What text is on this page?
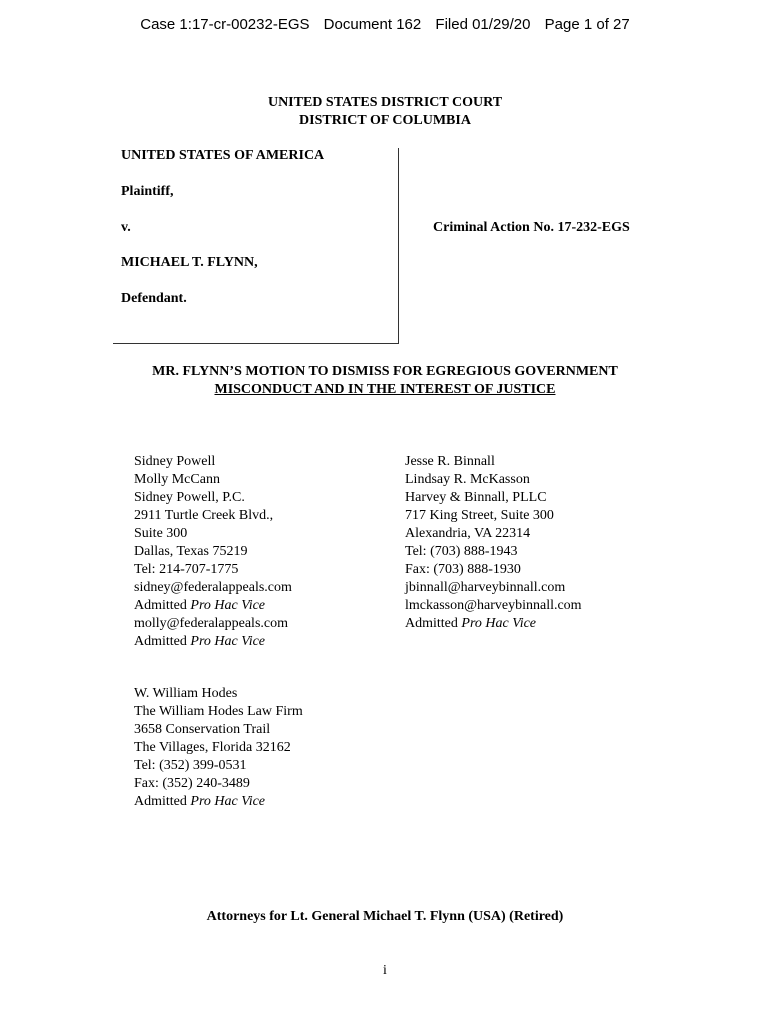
Case 1:17-cr-00232-EGS Document 162 Filed 01/29/20 Page 1 of 27
UNITED STATES DISTRICT COURT
DISTRICT OF COLUMBIA
UNITED STATES OF AMERICA
Plaintiff,
v.
MICHAEL T. FLYNN,
Defendant.
Criminal Action No. 17-232-EGS
MR. FLYNN’S MOTION TO DISMISS FOR EGREGIOUS GOVERNMENT
MISCONDUCT AND IN THE INTEREST OF JUSTICE
Sidney Powell
Molly McCann
Sidney Powell, P.C.
2911 Turtle Creek Blvd.,
Suite 300
Dallas, Texas 75219
Tel: 214-707-1775
sidney@federalappeals.com
Admitted Pro Hac Vice
molly@federalappeals.com
Admitted Pro Hac Vice
Jesse R. Binnall
Lindsay R. McKasson
Harvey & Binnall, PLLC
717 King Street, Suite 300
Alexandria, VA 22314
Tel: (703) 888-1943
Fax: (703) 888-1930
jbinnall@harveybinnall.com
lmckasson@harveybinnall.com
Admitted Pro Hac Vice
W. William Hodes
The William Hodes Law Firm
3658 Conservation Trail
The Villages, Florida 32162
Tel: (352) 399-0531
Fax: (352) 240-3489
Admitted Pro Hac Vice
Attorneys for Lt. General Michael T. Flynn (USA) (Retired)
i
